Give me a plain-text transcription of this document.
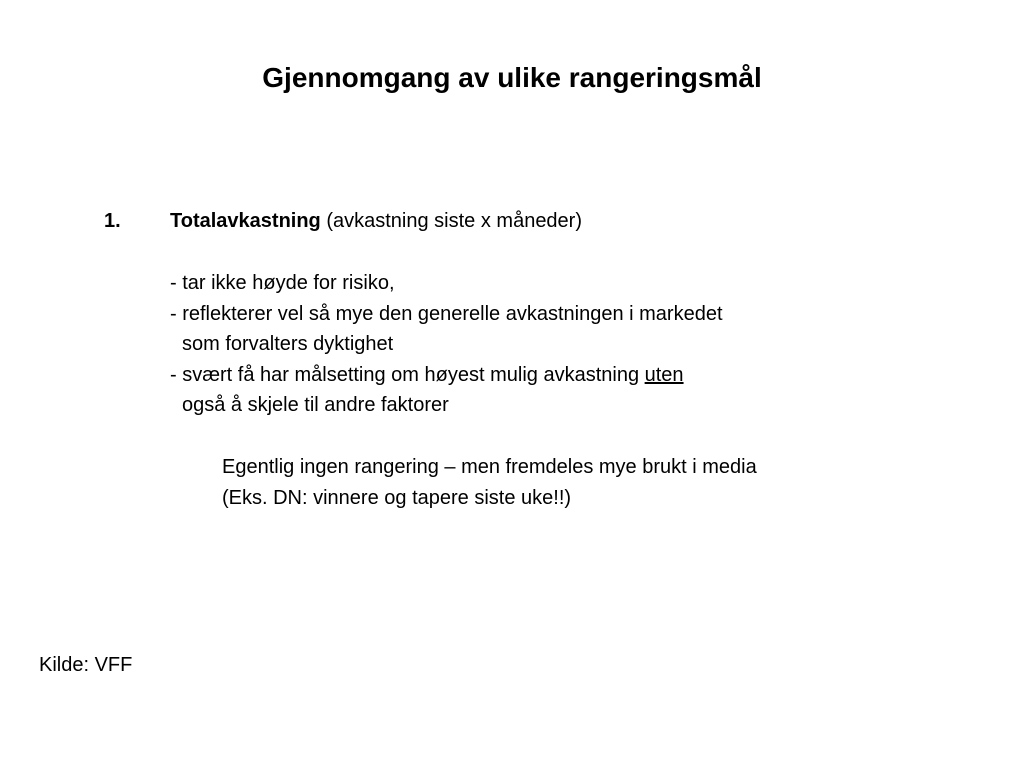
Gjennomgang av ulike rangeringsmål
1. Totalavkastning (avkastning siste x måneder)
- tar ikke høyde for risiko,
- reflekterer vel så mye den generelle avkastningen i markedet
som forvalters dyktighet
- svært få har målsetting om høyest mulig avkastning uten
også å skjele til andre faktorer
Egentlig ingen rangering – men fremdeles mye brukt i media
(Eks. DN: vinnere og tapere siste uke!!)
Kilde: VFF
